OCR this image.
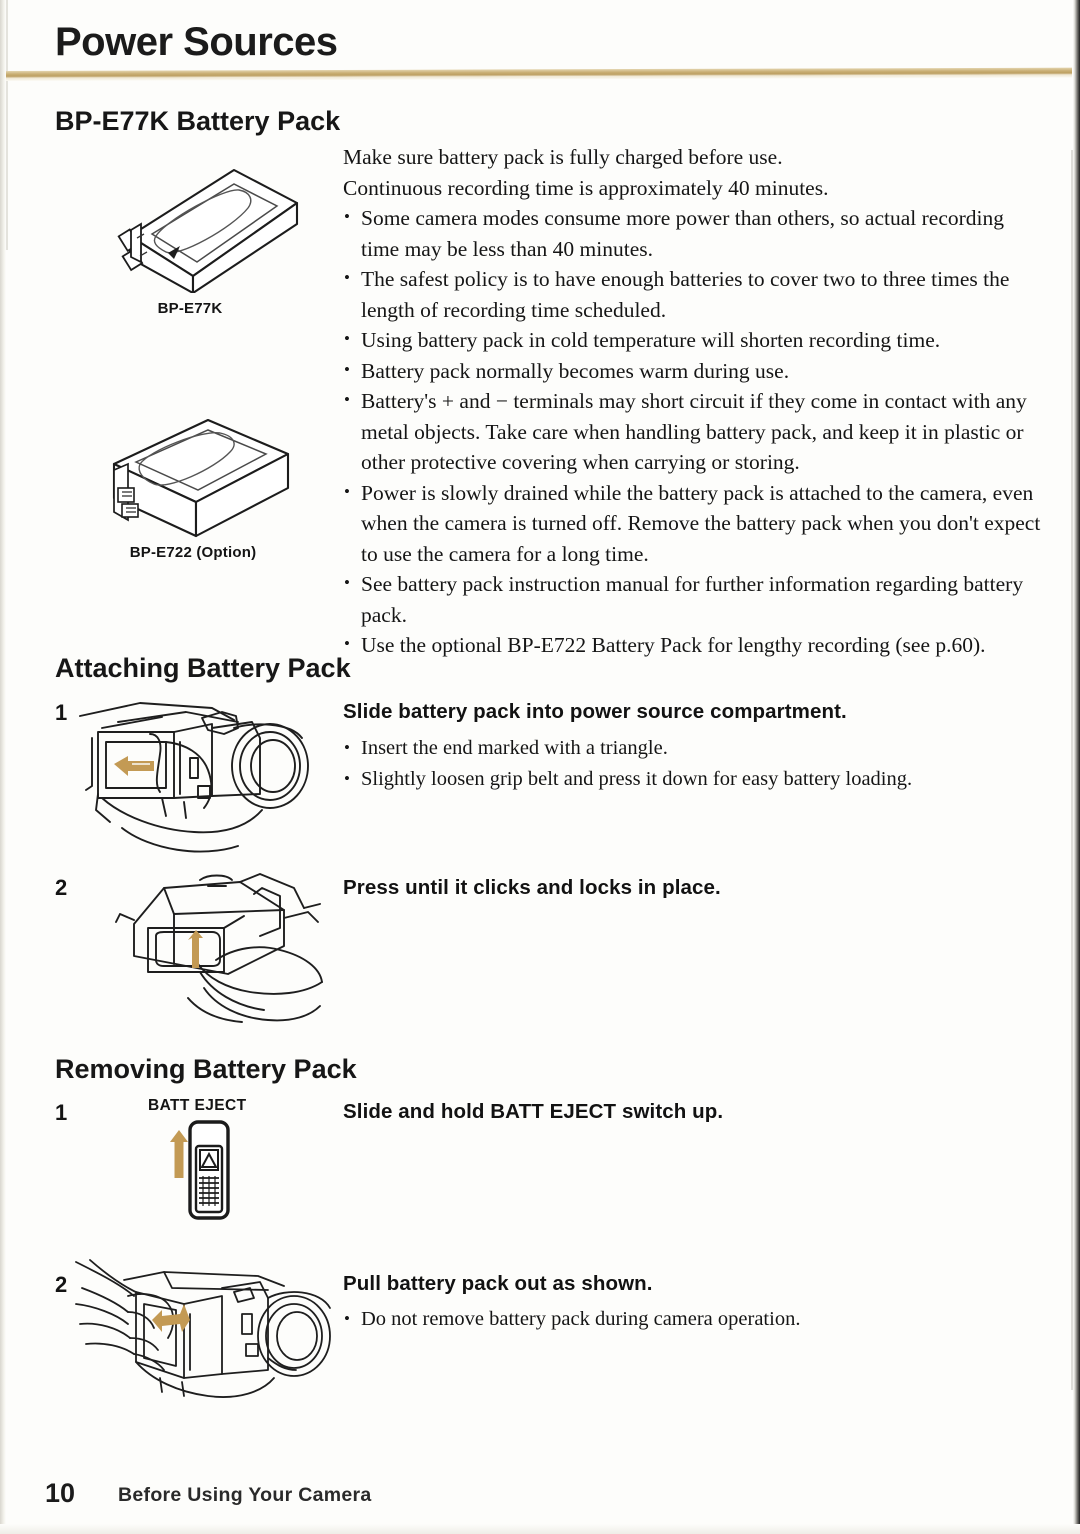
Power Sources
BP-E77K Battery Pack
BP-E77K
BP-E722 (Option)

Make sure battery pack is fully charged before use.

Continuous recording time is approximately 40 minutes.

• Some camera modes consume more power than others, so actual recording time may be less than 40 minutes.
• The safest policy is to have enough batteries to cover two to three times the length of recording time scheduled.
• Using battery pack in cold temperature will shorten recording time.
• Battery pack normally becomes warm during use.
• Battery's + and − terminals may short circuit if they come in contact with any metal objects. Take care when handling battery pack, and keep it in plastic or other protective covering when carrying or storing.
• Power is slowly drained while the battery pack is attached to the camera, even when the camera is turned off. Remove the battery pack when you don't expect to use the camera for a long time.
• See battery pack instruction manual for further information regarding battery pack.
• Use the optional BP-E722 Battery Pack for lengthy recording (see p.60).
Attaching Battery Pack
1	Slide battery pack into power source compartment.
• Insert the end marked with a triangle.
• Slightly loosen grip belt and press it down for easy battery loading.
2	Press until it clicks and locks in place.
Removing Battery Pack
1	BATT EJECT	Slide and hold BATT EJECT switch up.
2	Pull battery pack out as shown.
• Do not remove battery pack during camera operation.
10 Before Using Your Camera
